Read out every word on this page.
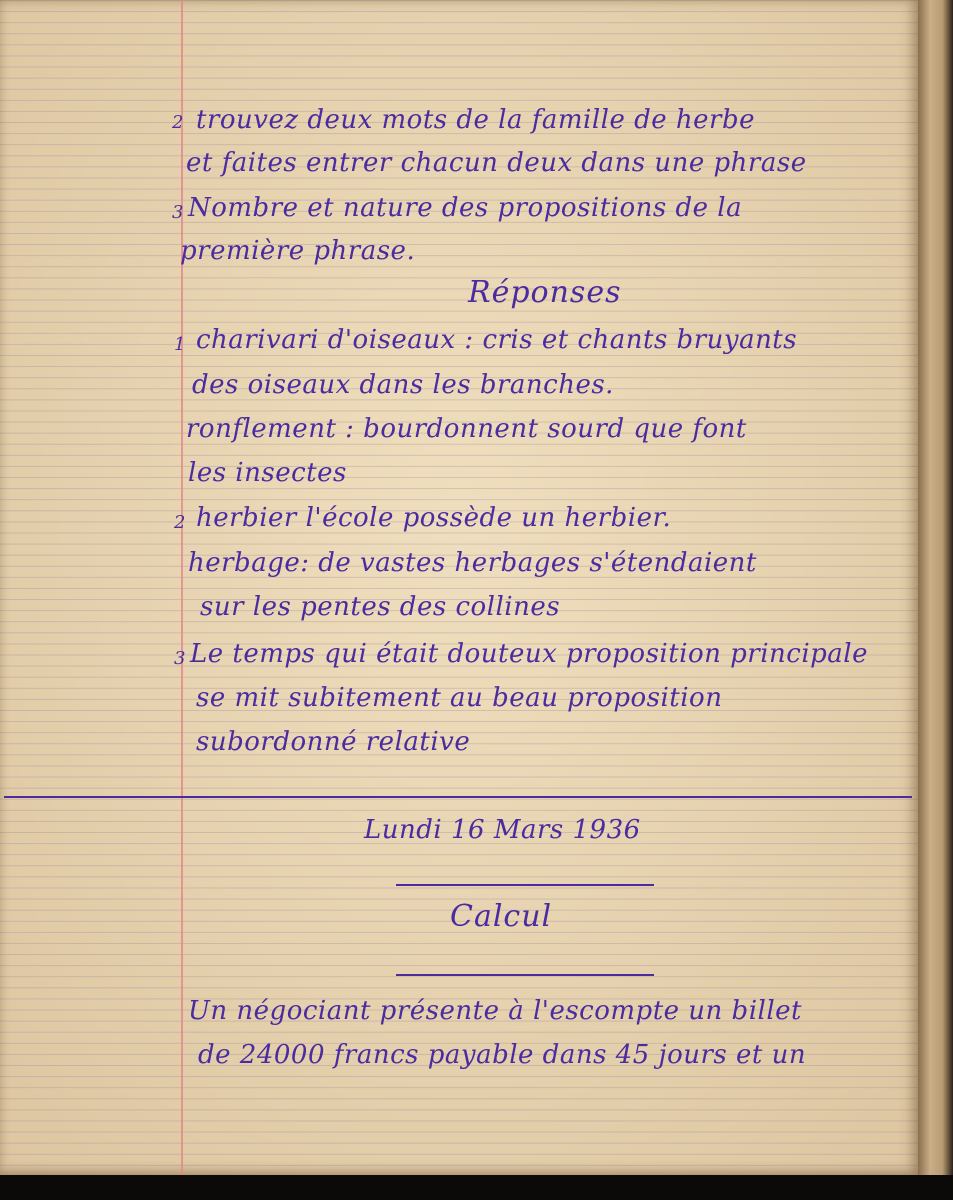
2 trouvez deux mots de la famille de herbe
et faites entrer chacun deux dans une phrase
3 Nombre et nature des propositions de la
première phrase.
Réponses
1 charivari d'oiseaux : cris et chants bruyants
des oiseaux dans les branches.
ronflement : bourdonnent sourd que font
les insectes
2 herbier l'école possède un herbier.
herbage: de vastes herbages s'étendaient
sur les pentes des collines
3 Le temps qui était douteux proposition principale
se mit subitement au beau proposition
subordonné relative
Lundi 16 Mars 1936
Calcul
Un négociant présente à l'escompte un billet
de 24000 francs payable dans 45 jours et un
